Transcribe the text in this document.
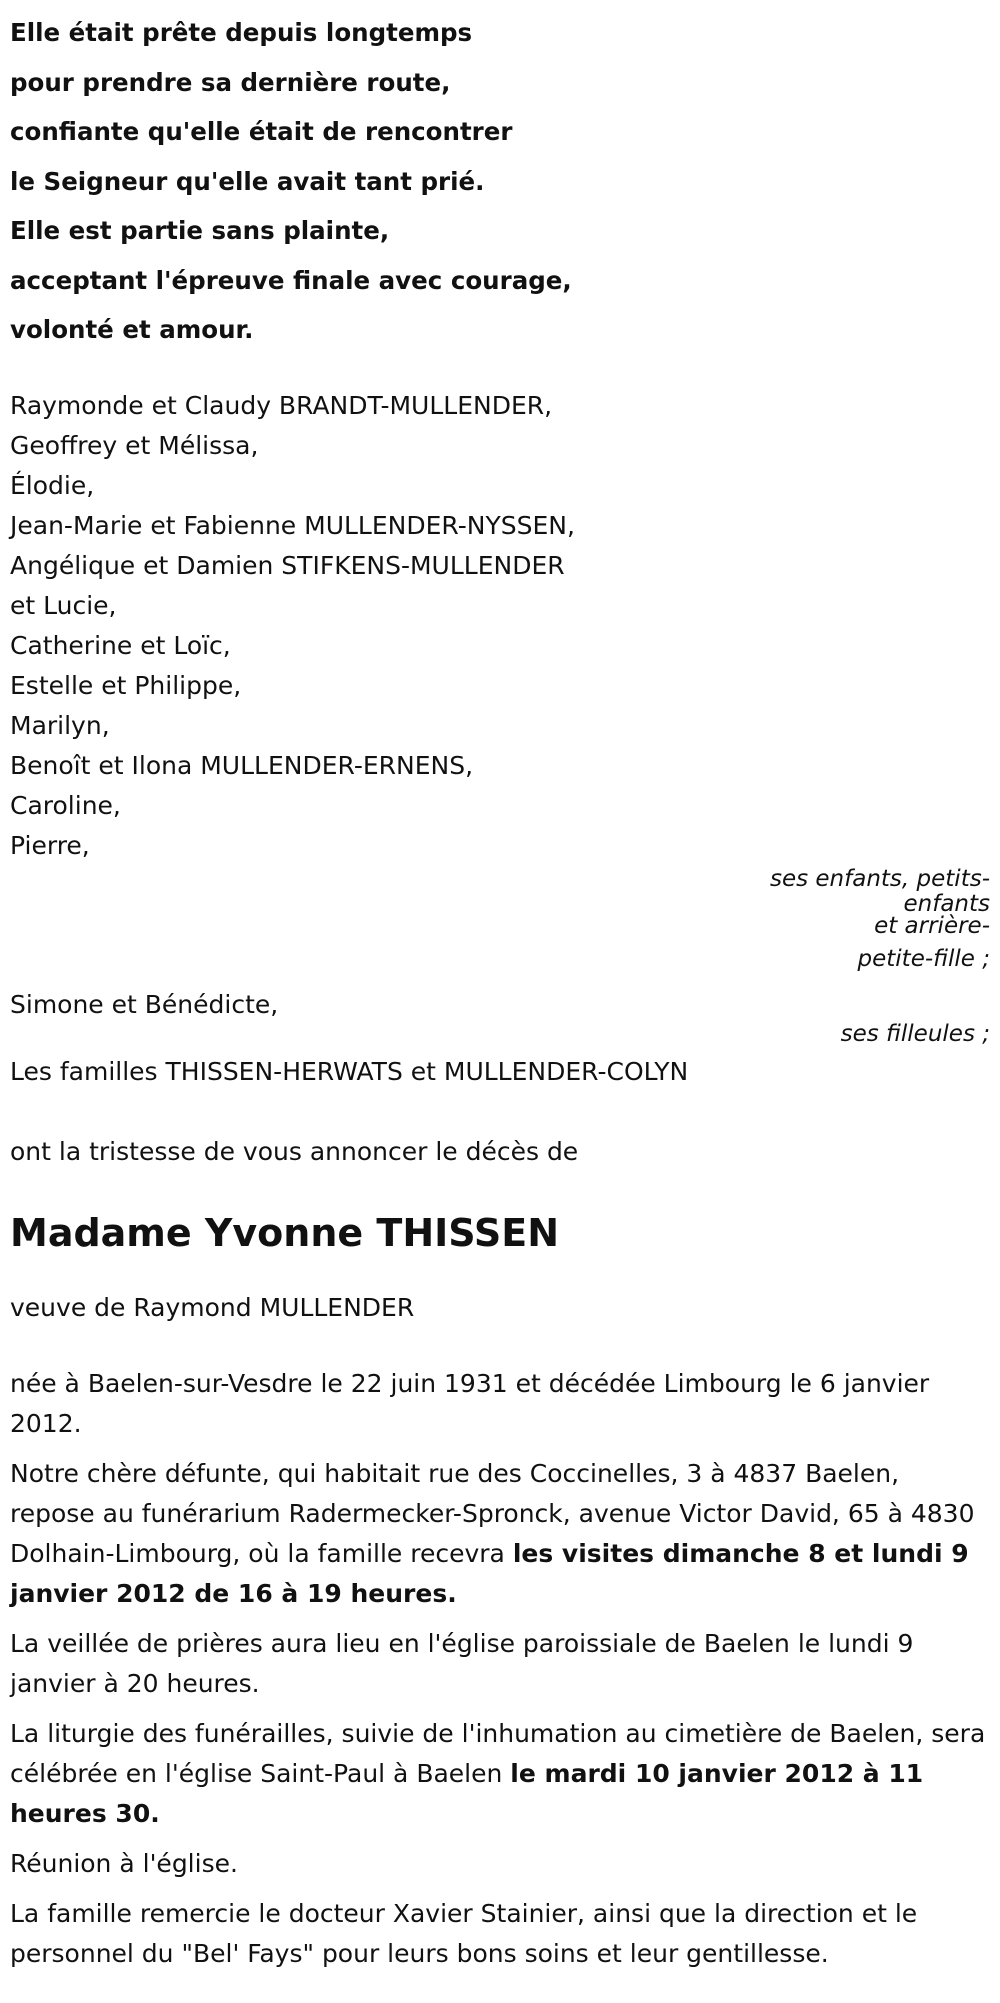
Elle était prête depuis longtemps
pour prendre sa dernière route,
confiante qu'elle était de rencontrer
le Seigneur qu'elle avait tant prié.
Elle est partie sans plainte,
acceptant l'épreuve finale avec courage,
volonté et amour.
Raymonde et Claudy BRANDT-MULLENDER,
Geoffrey et Mélissa,
Élodie,
Jean-Marie et Fabienne MULLENDER-NYSSEN,
Angélique et Damien STIFKENS-MULLENDER
et Lucie,
Catherine et Loïc,
Estelle et Philippe,
Marilyn,
Benoît et Ilona MULLENDER-ERNENS,
Caroline,
Pierre,
ses enfants, petits-
enfants
et arrière-
petite-fille ;
Simone et Bénédicte,
ses filleules ;
Les familles THISSEN-HERWATS et MULLENDER-COLYN
ont la tristesse de vous annoncer le décès de
Madame Yvonne THISSEN
veuve de Raymond MULLENDER
née à Baelen-sur-Vesdre le 22 juin 1931 et décédée Limbourg le 6 janvier 2012.
Notre chère défunte, qui habitait rue des Coccinelles, 3 à 4837 Baelen, repose au funérarium Radermecker-Spronck, avenue Victor David, 65 à 4830 Dolhain-Limbourg, où la famille recevra les visites dimanche 8 et lundi 9 janvier 2012 de 16 à 19 heures.
La veillée de prières aura lieu en l'église paroissiale de Baelen le lundi 9 janvier à 20 heures.
La liturgie des funérailles, suivie de l'inhumation au cimetière de Baelen, sera célébrée en l'église Saint-Paul à Baelen le mardi 10 janvier 2012 à 11 heures 30.
Réunion à l'église.
La famille remercie le docteur Xavier Stainier, ainsi que la direction et le personnel du "Bel' Fays" pour leurs bons soins et leur gentillesse.
